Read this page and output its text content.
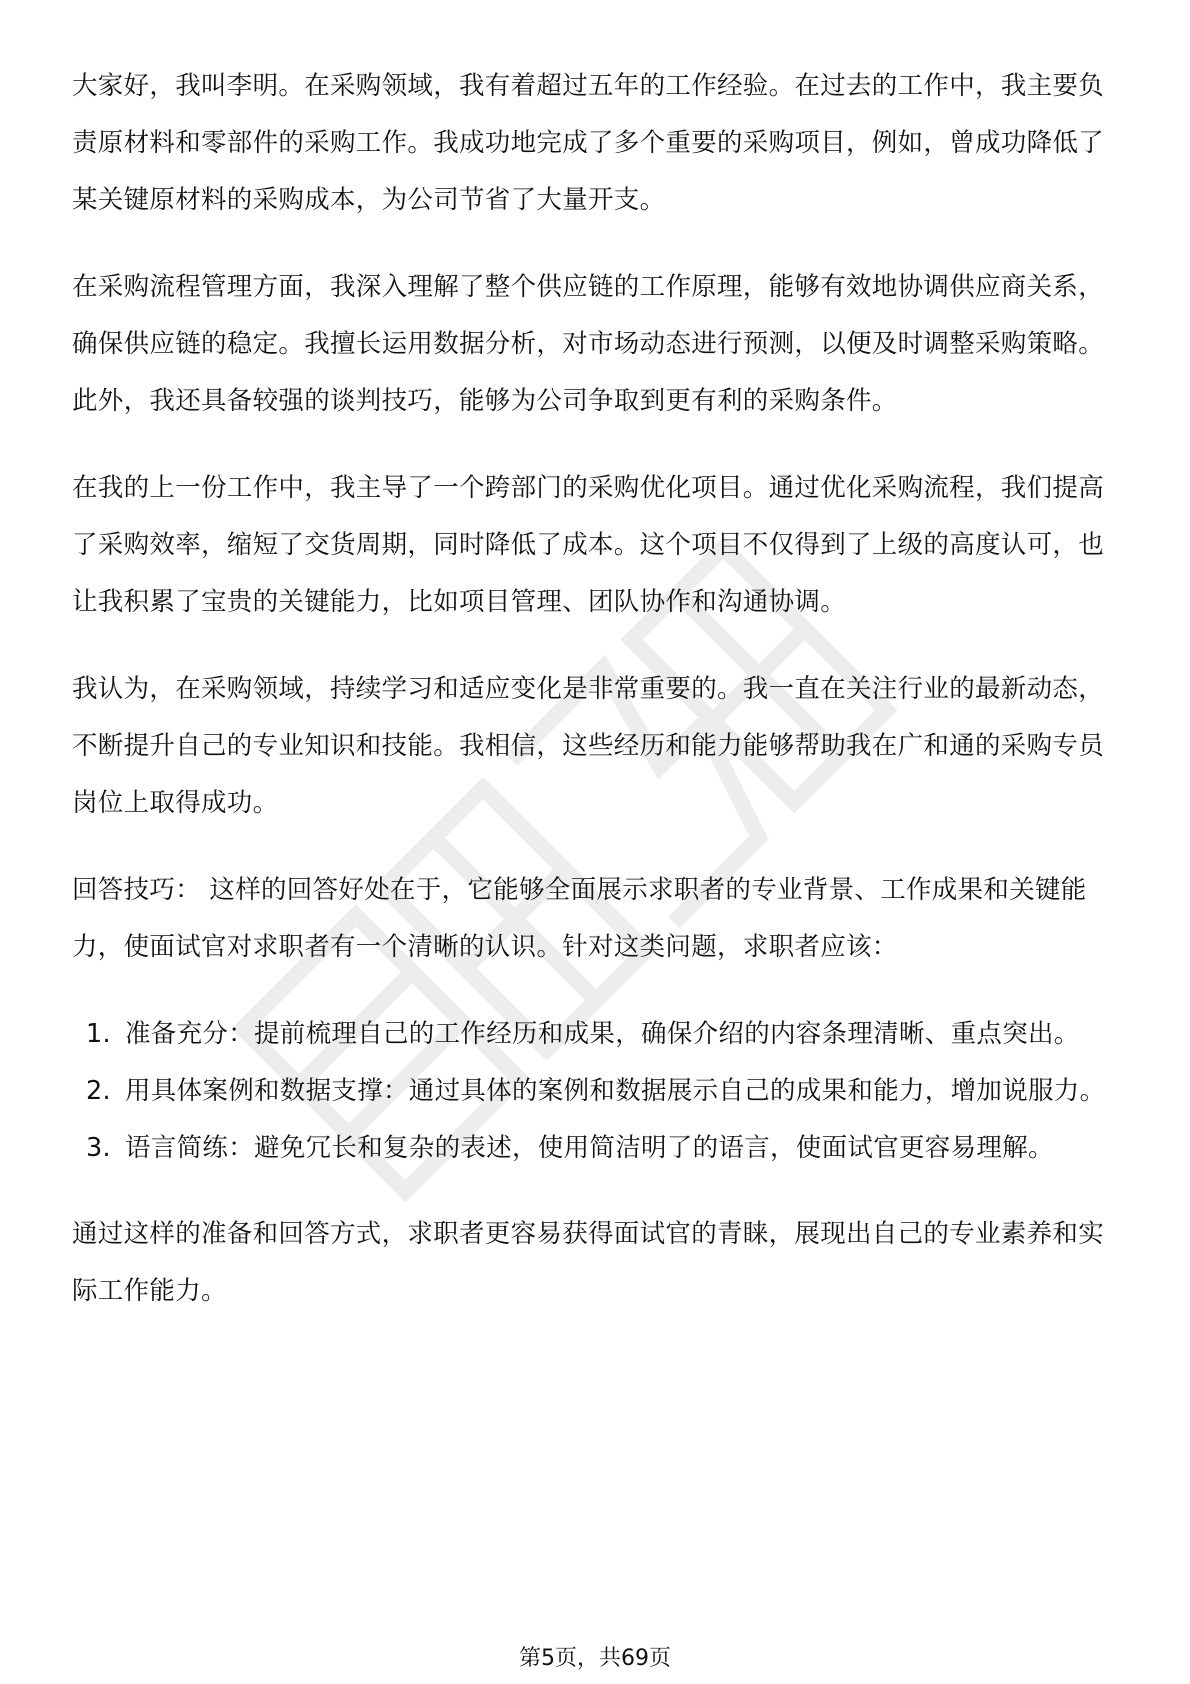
大家好，我叫李明。在采购领域，我有着超过五年的工作经验。在过去的工作中，我主要负责原材料和零部件的采购工作。我成功地完成了多个重要的采购项目，例如，曾成功降低了某关键原材料的采购成本，为公司节省了大量开支。

在采购流程管理方面，我深入理解了整个供应链的工作原理，能够有效地协调供应商关系，确保供应链的稳定。我擅长运用数据分析，对市场动态进行预测，以便及时调整采购策略。此外，我还具备较强的谈判技巧，能够为公司争取到更有利的采购条件。

在我的上一份工作中，我主导了一个跨部门的采购优化项目。通过优化采购流程，我们提高了采购效率，缩短了交货周期，同时降低了成本。这个项目不仅得到了上级的高度认可，也让我积累了宝贵的关键能力，比如项目管理、团队协作和沟通协调。

我认为，在采购领域，持续学习和适应变化是非常重要的。我一直在关注行业的最新动态，不断提升自己的专业知识和技能。我相信，这些经历和能力能够帮助我在广和通的采购专员岗位上取得成功。

回答技巧： 这样的回答好处在于，它能够全面展示求职者的专业背景、工作成果和关键能力，使面试官对求职者有一个清晰的认识。针对这类问题，求职者应该：

1. 准备充分：提前梳理自己的工作经历和成果，确保介绍的内容条理清晰、重点突出。
2. 用具体案例和数据支撑：通过具体的案例和数据展示自己的成果和能力，增加说服力。
3. 语言简练：避免冗长和复杂的表述，使用简洁明了的语言，使面试官更容易理解。

通过这样的准备和回答方式，求职者更容易获得面试官的青睐，展现出自己的专业素养和实际工作能力。

第5页，共69页
